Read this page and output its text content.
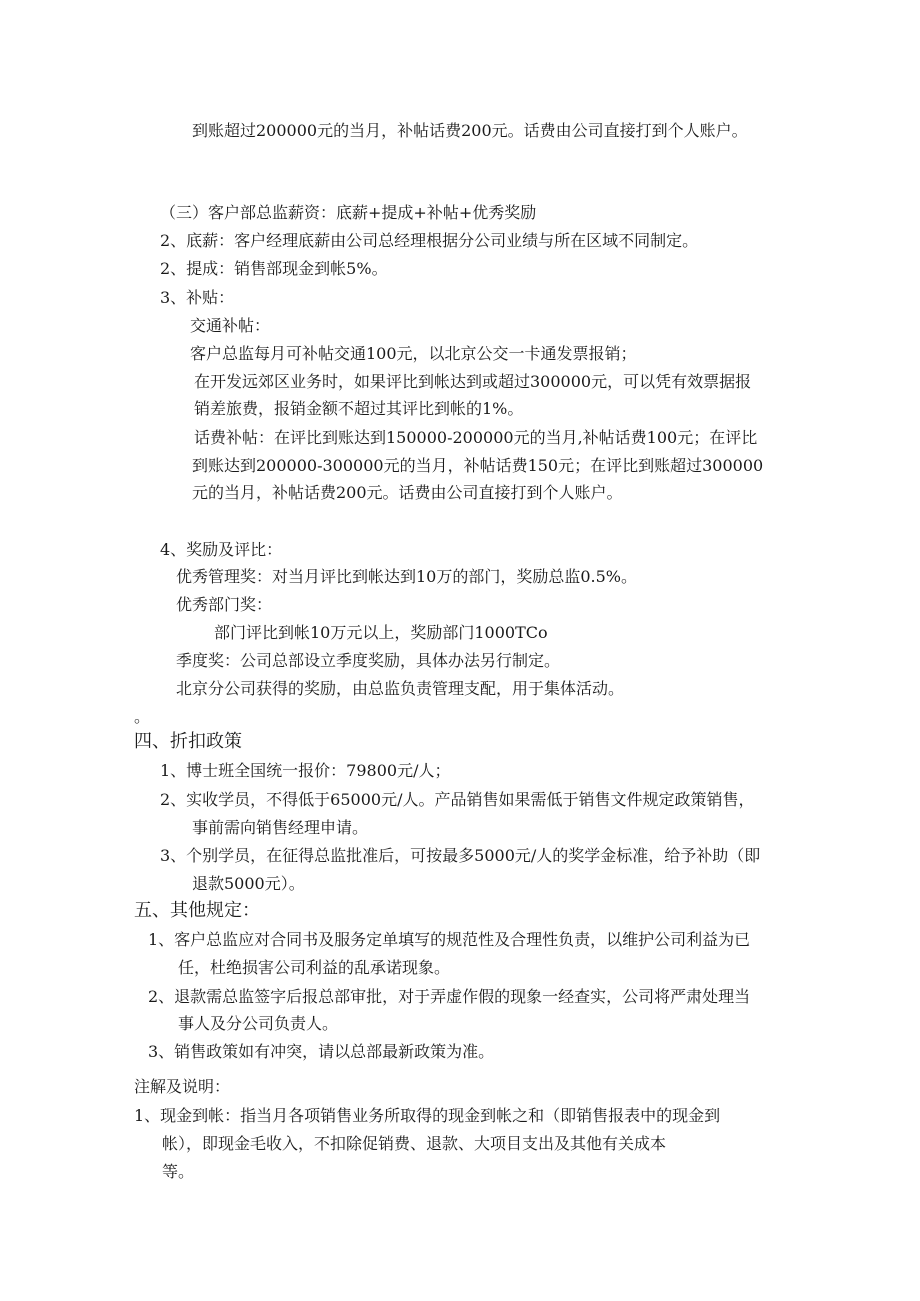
到账超过200000元的当月，补帖话费200元。话费由公司直接打到个人账户。
（三）客户部总监薪资：底薪+提成+补帖+优秀奖励
2、底薪：客户经理底薪由公司总经理根据分公司业绩与所在区域不同制定。
2、提成：销售部现金到帐5%。
3、补贴：
交通补帖：
客户总监每月可补帖交通100元，以北京公交一卡通发票报销；
在开发远郊区业务时，如果评比到帐达到或超过300000元，可以凭有效票据报
销差旅费，报销金额不超过其评比到帐的1%。
话费补帖：在评比到账达到150000-200000元的当月,补帖话费100元；在评比
到账达到200000-300000元的当月，补帖话费150元；在评比到账超过300000
元的当月，补帖话费200元。话费由公司直接打到个人账户。
4、奖励及评比：
优秀管理奖：对当月评比到帐达到10万的部门，奖励总监0.5%。
优秀部门奖：
部门评比到帐10万元以上，奖励部门1000TCo
季度奖：公司总部设立季度奖励，具体办法另行制定。
北京分公司获得的奖励，由总监负责管理支配，用于集体活动。
。
四、折扣政策
1、博士班全国统一报价：79800元/人；
2、实收学员，不得低于65000元/人。产品销售如果需低于销售文件规定政策销售，
事前需向销售经理申请。
3、个别学员，在征得总监批准后，可按最多5000元/人的奖学金标准，给予补助（即
退款5000元）。
五、其他规定：
1、客户总监应对合同书及服务定单填写的规范性及合理性负责，以维护公司利益为已
任，杜绝损害公司利益的乱承诺现象。
2、退款需总监签字后报总部审批，对于弄虚作假的现象一经查实，公司将严肃处理当
事人及分公司负责人。
3、销售政策如有冲突，请以总部最新政策为准。
注解及说明：
1、现金到帐：指当月各项销售业务所取得的现金到帐之和（即销售报表中的现金到
帐），即现金毛收入，不扣除促销费、退款、大项目支出及其他有关成本
等。
